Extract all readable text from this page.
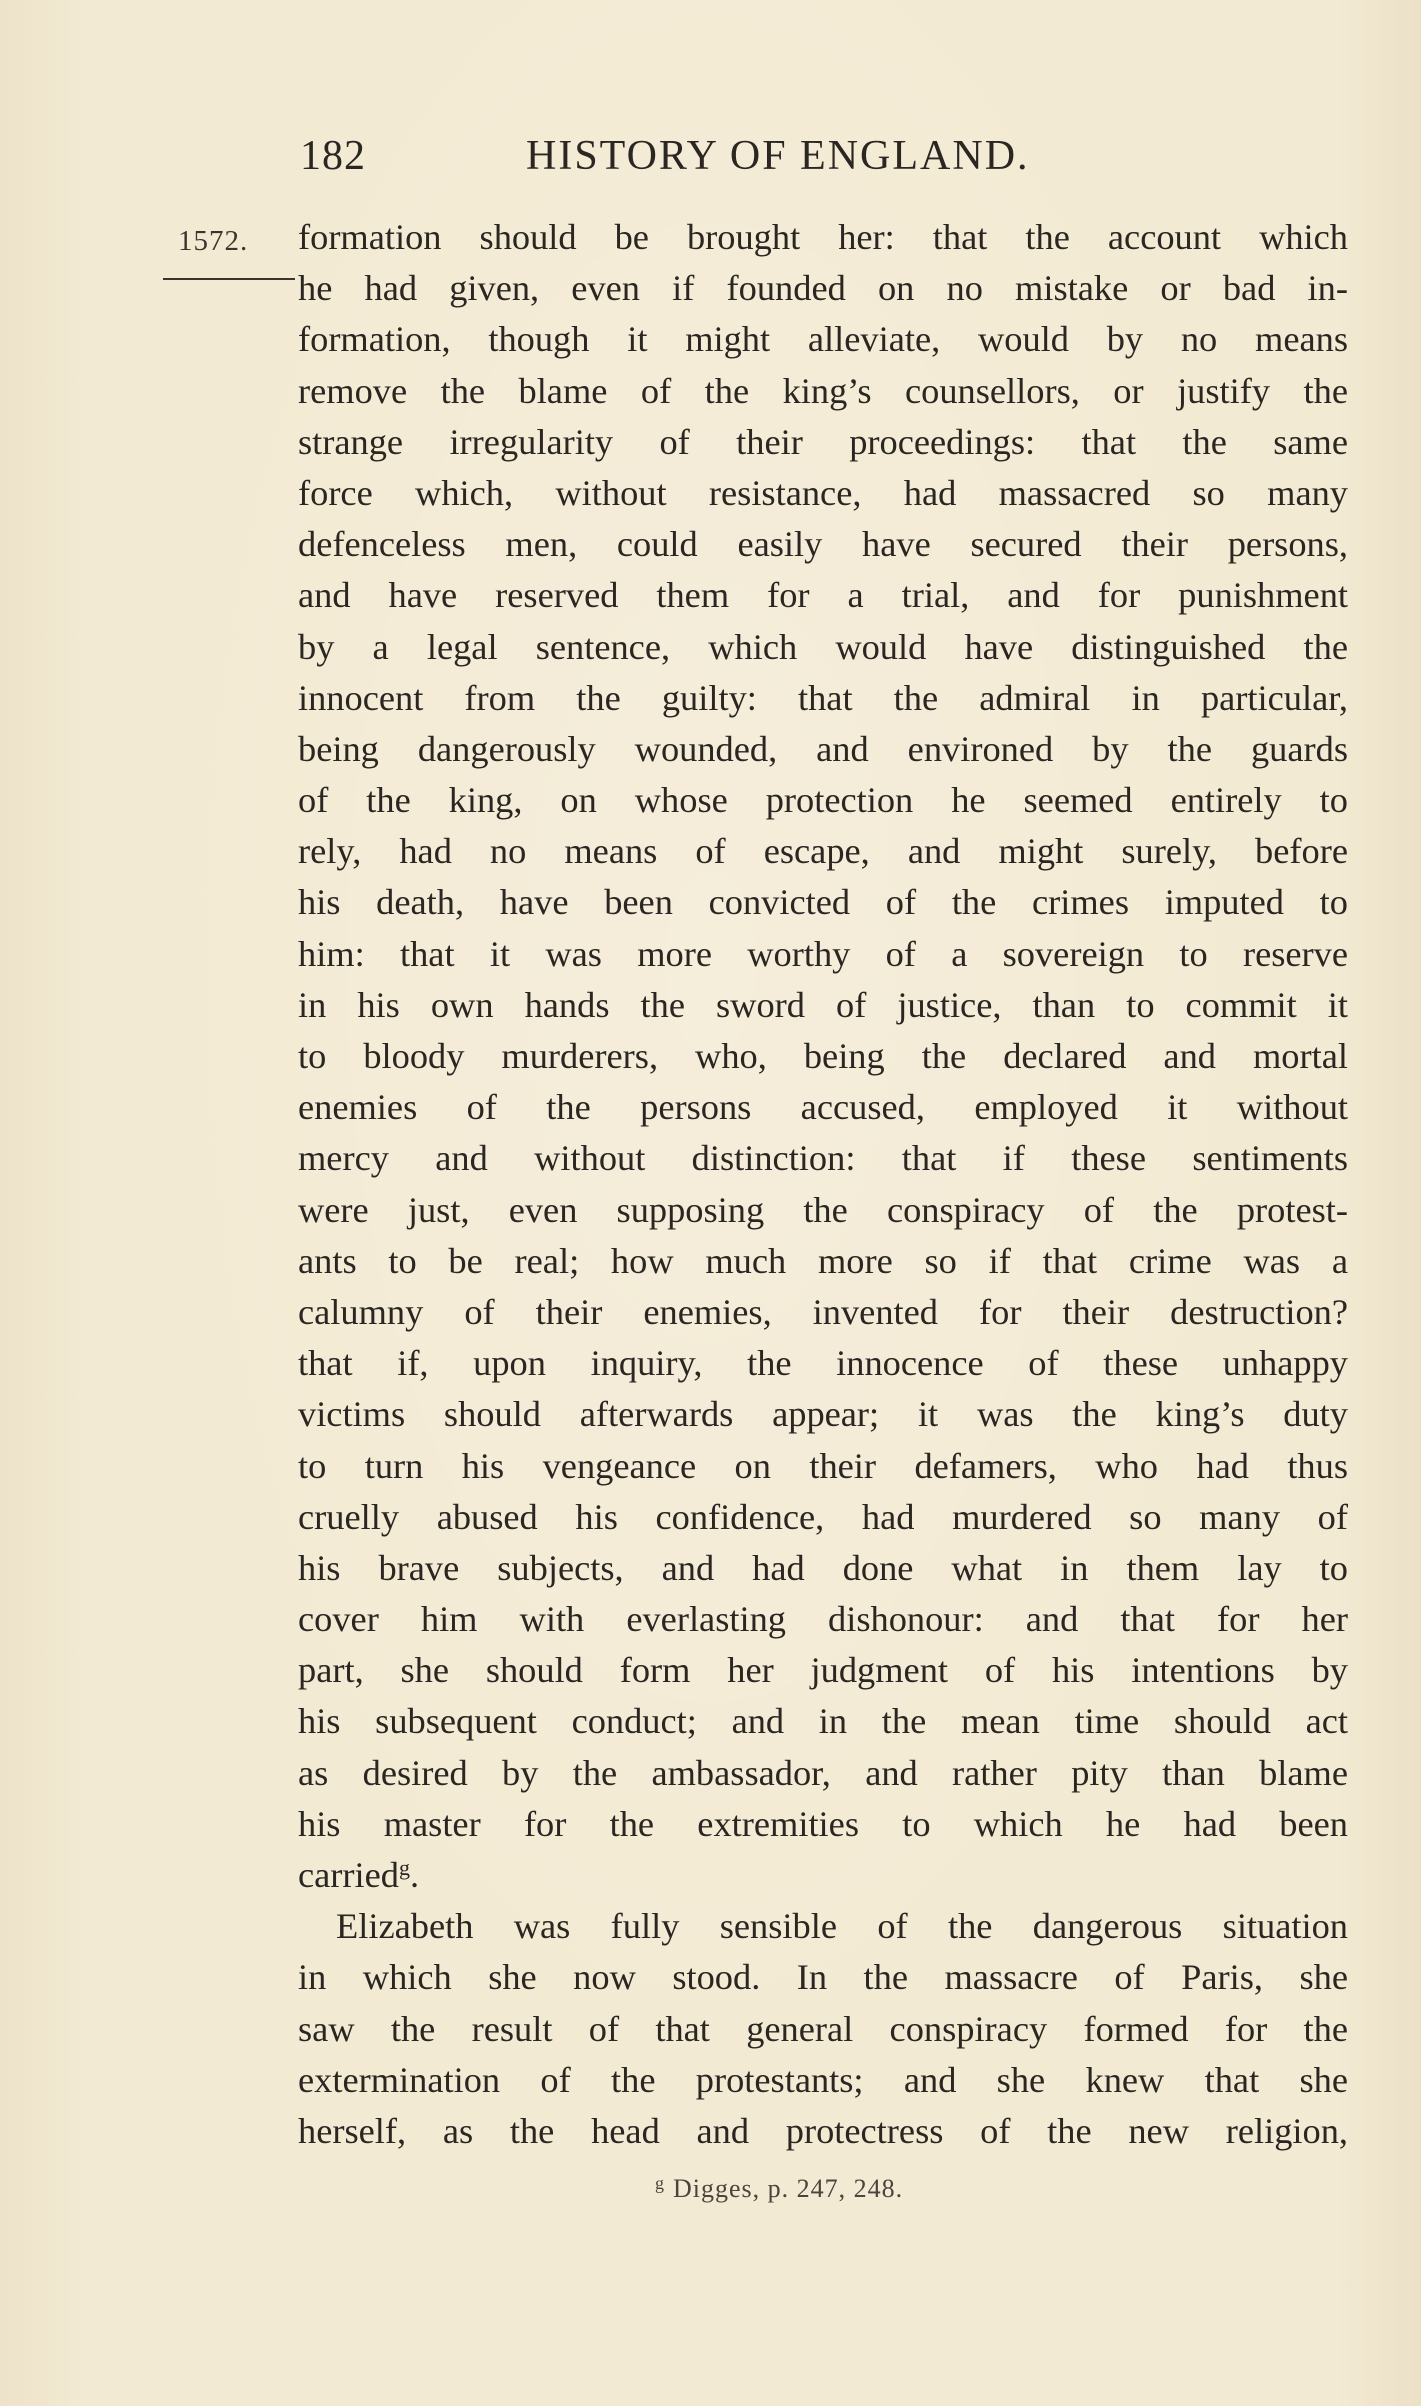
182	HISTORY OF ENGLAND.
1572. formation should be brought her: that the account which
he had given, even if founded on no mistake or bad in-
formation, though it might alleviate, would by no means
remove the blame of the king’s counsellors, or justify the
strange irregularity of their proceedings: that the same
force which, without resistance, had massacred so many
defenceless men, could easily have secured their persons,
and have reserved them for a trial, and for punishment
by a legal sentence, which would have distinguished the
innocent from the guilty: that the admiral in particular,
being dangerously wounded, and environed by the guards
of the king, on whose protection he seemed entirely to
rely, had no means of escape, and might surely, before
his death, have been convicted of the crimes imputed to
him: that it was more worthy of a sovereign to reserve
in his own hands the sword of justice, than to commit it
to bloody murderers, who, being the declared and mortal
enemies of the persons accused, employed it without
mercy and without distinction: that if these sentiments
were just, even supposing the conspiracy of the protest-
ants to be real; how much more so if that crime was a
calumny of their enemies, invented for their destruction?
that if, upon inquiry, the innocence of these unhappy
victims should afterwards appear; it was the king’s duty
to turn his vengeance on their defamers, who had thus
cruelly abused his confidence, had murdered so many of
his brave subjects, and had done what in them lay to
cover him with everlasting dishonour: and that for her
part, she should form her judgment of his intentions by
his subsequent conduct; and in the mean time should act
as desired by the ambassador, and rather pity than blame
his master for the extremities to which he had been
carried$^g$.
Elizabeth was fully sensible of the dangerous situation
in which she now stood. In the massacre of Paris, she
saw the result of that general conspiracy formed for the
extermination of the protestants; and she knew that she
herself, as the head and protectress of the new religion,
$^g$ Digges, p. 247, 248.
